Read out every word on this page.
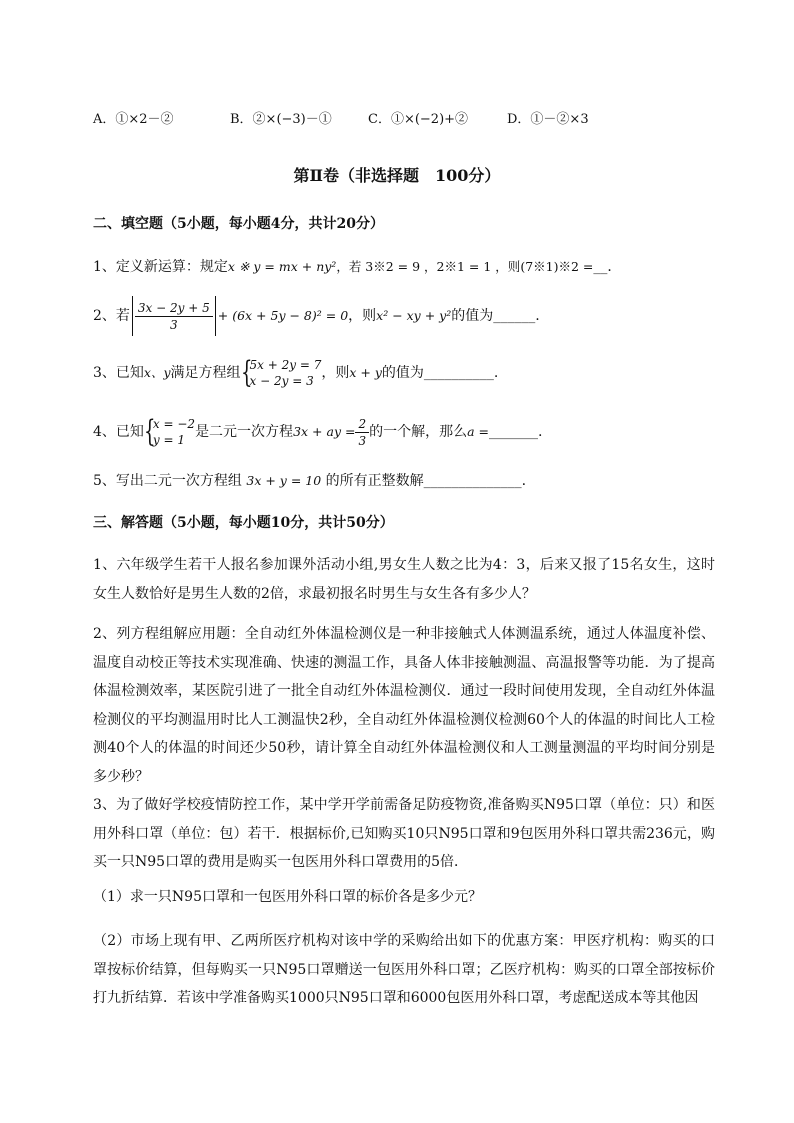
A．①×2－②	B．②×(−3)－①	C．①×(−2)+②	D．①－②×3
第Ⅱ卷（非选择题　100分）
二、填空题（5小题，每小题4分，共计20分）
1、定义新运算：规定x ※ y = mx + ny²，若 3※2 = 9 ，2※1 = 1 ，则(7※1)※2 =__．
2、若 $\frac{3x - 2y + 5}{3} + (6x + 5y - 8)^2 = 0$，则x² − xy + y²的值为______.
3、已知x、y满足方程组 {
5x + 2y = 7
x − 2y = 3 ，则x + y的值为__________.
4、已知 {
x = −2
y = 1 是二元一次方程3x + ay = $\frac{2}{3}$ 的一个解，那么a =_______.
5、写出二元一次方程组 3x + y = 10 的所有正整数解______________.
三、解答题（5小题，每小题10分，共计50分）
1、六年级学生若干人报名参加课外活动小组,男女生人数之比为4：3，后来又报了15名女生，这时女生人数恰好是男生人数的2倍，求最初报名时男生与女生各有多少人？
2、列方程组解应用题：全自动红外体温检测仪是一种非接触式人体测温系统，通过人体温度补偿、温度自动校正等技术实现准确、快速的测温工作，具备人体非接触测温、高温报警等功能．为了提高体温检测效率，某医院引进了一批全自动红外体温检测仪．通过一段时间使用发现，全自动红外体温检测仪的平均测温用时比人工测温快2秒，全自动红外体温检测仪检测60个人的体温的时间比人工检测40个人的体温的时间还少50秒，请计算全自动红外体温检测仪和人工测量测温的平均时间分别是多少秒？
3、为了做好学校疫情防控工作，某中学开学前需备足防疫物资,准备购买N95口罩（单位：只）和医用外科口罩（单位：包）若干．根据标价,已知购买10只N95口罩和9包医用外科口罩共需236元，购买一只N95口罩的费用是购买一包医用外科口罩费用的5倍．
（1）求一只N95口罩和一包医用外科口罩的标价各是多少元？
（2）市场上现有甲、乙两所医疗机构对该中学的采购给出如下的优惠方案：甲医疗机构：购买的口罩按标价结算，但每购买一只N95口罩赠送一包医用外科口罩；乙医疗机构：购买的口罩全部按标价打九折结算．若该中学准备购买1000只N95口罩和6000包医用外科口罩，考虑配送成本等其他因
